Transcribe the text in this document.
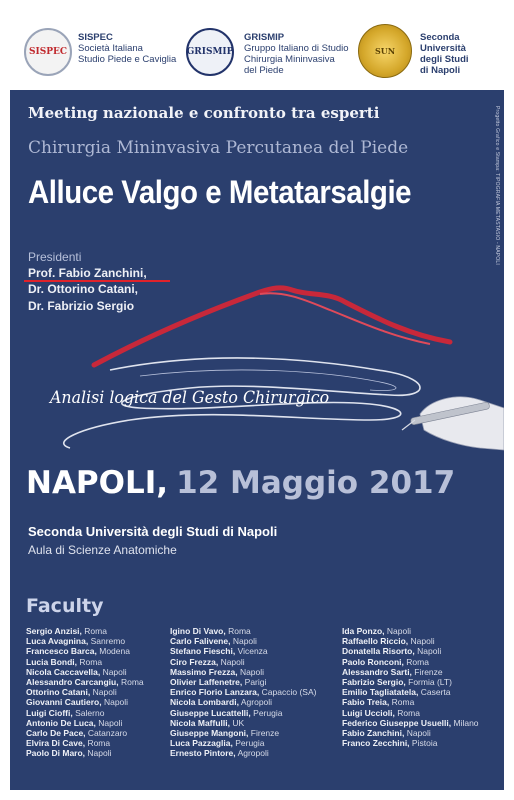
SISPEC
SISPEC
Società Italiana
Studio Piede e Caviglia
GRISMIP
GRISMIP
Gruppo Italiano di Studio
Chirurgia Mininvasiva
del Piede
SUN
Seconda Università
degli Studi
di Napoli
Meeting nazionale e confronto tra esperti
Chirurgia Mininvasiva Percutanea del Piede
Alluce Valgo e Metatarsalgie	Progetto Grafico e Stampa: TIPOGRAFIA METASTASIO - NAPOLI
Presidenti
Prof. Fabio Zanchini,
Dr. Ottorino Catani,
Dr. Fabrizio Sergio
Analisi logica del Gesto Chirurgico
NAPOLI, 12 Maggio 2017
Seconda Università degli Studi di Napoli
Aula di Scienze Anatomiche
Faculty
Sergio Anzisi, Roma
Luca Avagnina, Sanremo
Francesco Barca, Modena
Lucia Bondi, Roma
Nicola Caccavella, Napoli
Alessandro Carcangiu, Roma
Ottorino Catani, Napoli
Giovanni Cautiero, Napoli
Luigi Cioffi, Salerno
Antonio De Luca, Napoli
Carlo De Pace, Catanzaro
Elvira Di Cave, Roma
Paolo Di Maro, Napoli
Igino Di Vavo, Roma
Carlo Falivene, Napoli
Stefano Fieschi, Vicenza
Ciro Frezza, Napoli
Massimo Frezza, Napoli
Olivier Laffenetre, Parigi
Enrico Florio Lanzara, Capaccio (SA)
Nicola Lombardi, Agropoli
Giuseppe Lucattelli, Perugia
Nicola Maffulli, UK
Giuseppe Mangoni, Firenze
Luca Pazzaglia, Perugia
Ernesto Pintore, Agropoli
Ida Ponzo, Napoli
Raffaello Riccio, Napoli
Donatella Risorto, Napoli
Paolo Ronconi, Roma
Alessandro Sarti, Firenze
Fabrizio Sergio, Formia (LT)
Emilio Tagliatatela, Caserta
Fabio Treia, Roma
Luigi Uccioli, Roma
Federico Giuseppe Usuelli, Milano
Fabio Zanchini, Napoli
Franco Zecchini, Pistoia
